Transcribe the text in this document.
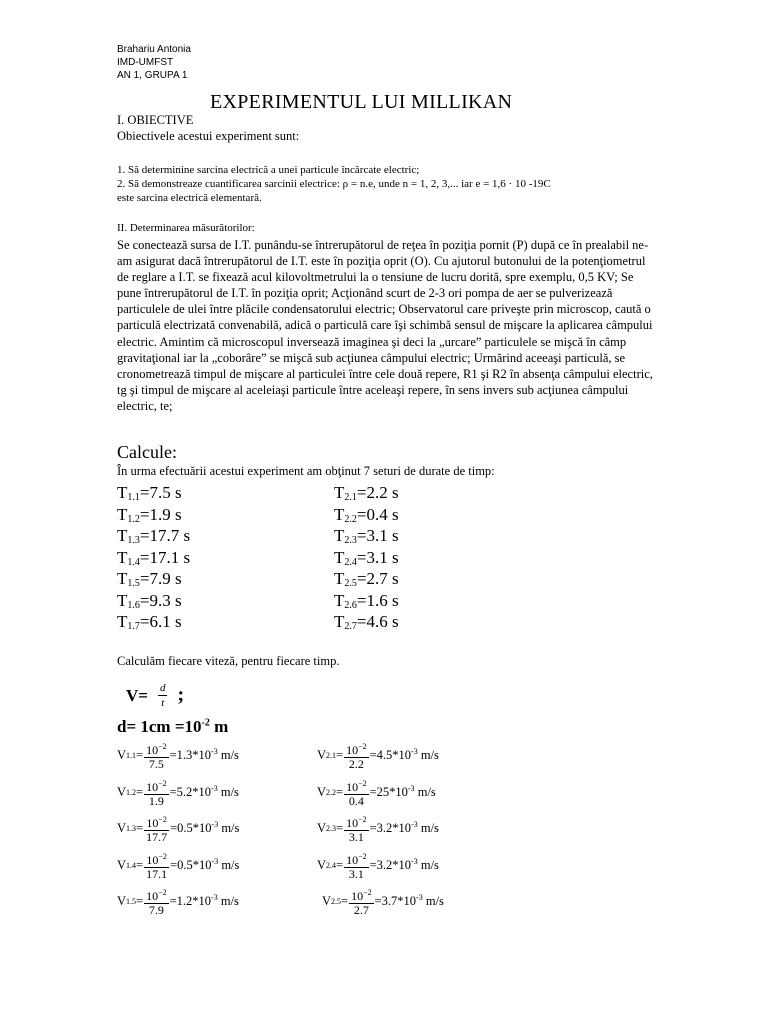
Brahariu Antonia
IMD-UMFST
AN 1, GRUPA 1
EXPERIMENTUL LUI MILLIKAN
I. OBIECTIVE
Obiectivele acestui experiment sunt:
1. Să determinine sarcina electrică a unei particule încărcate electric;
2. Să demonstreaze cuantificarea sarcinii electrice: ρ = n.e, unde n = 1, 2, 3,... iar e = 1,6 · 10 -19C
este sarcina electrică elementară.
II. Determinarea măsurătorilor:

Se conectează sursa de I.T. punându-se întrerupătorul de reţea în poziţia pornit (P) după ce în prealabil ne-am asigurat dacă întrerupătorul de I.T. este în poziţia oprit (O). Cu ajutorul butonului de la potenţiometrul de reglare a I.T. se fixează acul kilovoltmetrului la o tensiune de lucru dorită, spre exemplu, 0,5 KV; Se pune întrerupătorul de I.T. în poziţia oprit; Acţionând scurt de 2-3 ori pompa de aer se pulverizează particulele de ulei între plăcile condensatorului electric; Observatorul care priveşte prin microscop, caută o particulă electrizată convenabilă, adică o particulă care îşi schimbă sensul de mişcare la aplicarea câmpului electric. Amintim că microscopul inversează imaginea şi deci la „urcare” particulele se mişcă în câmp gravitaţional iar la „coborâre” se mişcă sub acţiunea câmpului electric; Urmărind aceeaşi particulă, se cronometrează timpul de mişcare al particulei între cele două repere, R1 şi R2 în absenţa câmpului electric, tg şi timpul de mişcare al aceleiaşi particule între aceleaşi repere, în sens invers sub acţiunea câmpului electric, te;

Calcule:
În urma efectuării acestui experiment am obţinut 7 seturi de durate de timp:
$T_{1.1}=7.5$ s
$T_{1.2}=1.9$ s
$T_{1.3}=17.7$ s
$T_{1.4}=17.1$ s
$T_{1.5}=7.9$ s
$T_{1.6}=9.3$ s
$T_{1.7}=6.1$ s
$T_{2.1}=2.2$ s
$T_{2.2}=0.4$ s
$T_{2.3}=3.1$ s
$T_{2.4}=3.1$ s
$T_{2.5}=2.7$ s
$T_{2.6}=1.6$ s
$T_{2.7}=4.6$ s
Calculăm fiecare viteză, pentru fiecare timp.
$V= \frac{d}{t}$ ;
$d= 1cm =10^{-2}$ m
V $1.1 = \frac{10^{-2}}{7.5} =1.3*10^{-3}$ m/s
V $1.2 = \frac{10^{-2}}{1.9} =5.2*10^{-3}$ m/s
V $1.3 = \frac{10^{-2}}{17.7} =0.5*10^{-3}$ m/s
V $1.4 = \frac{10^{-2}}{17.1} =0.5*10^{-3}$ m/s
V $1.5 = \frac{10^{-2}}{7.9} =1.2*10^{-3}$ m/s
V $2.1 = \frac{10^{-2}}{2.2} =4.5*10^{-3}$ m/s
V $2.2 = \frac{10^{-2}}{0.4} =25*10^{-3}$ m/s
V $2.3 = \frac{10^{-2}}{3.1} =3.2*10^{-3}$ m/s
V $2.4 = \frac{10^{-2}}{3.1} =3.2*10^{-3}$ m/s
V $2.5 = \frac{10^{-2}}{2.7} =3.7*10^{-3}$ m/s
